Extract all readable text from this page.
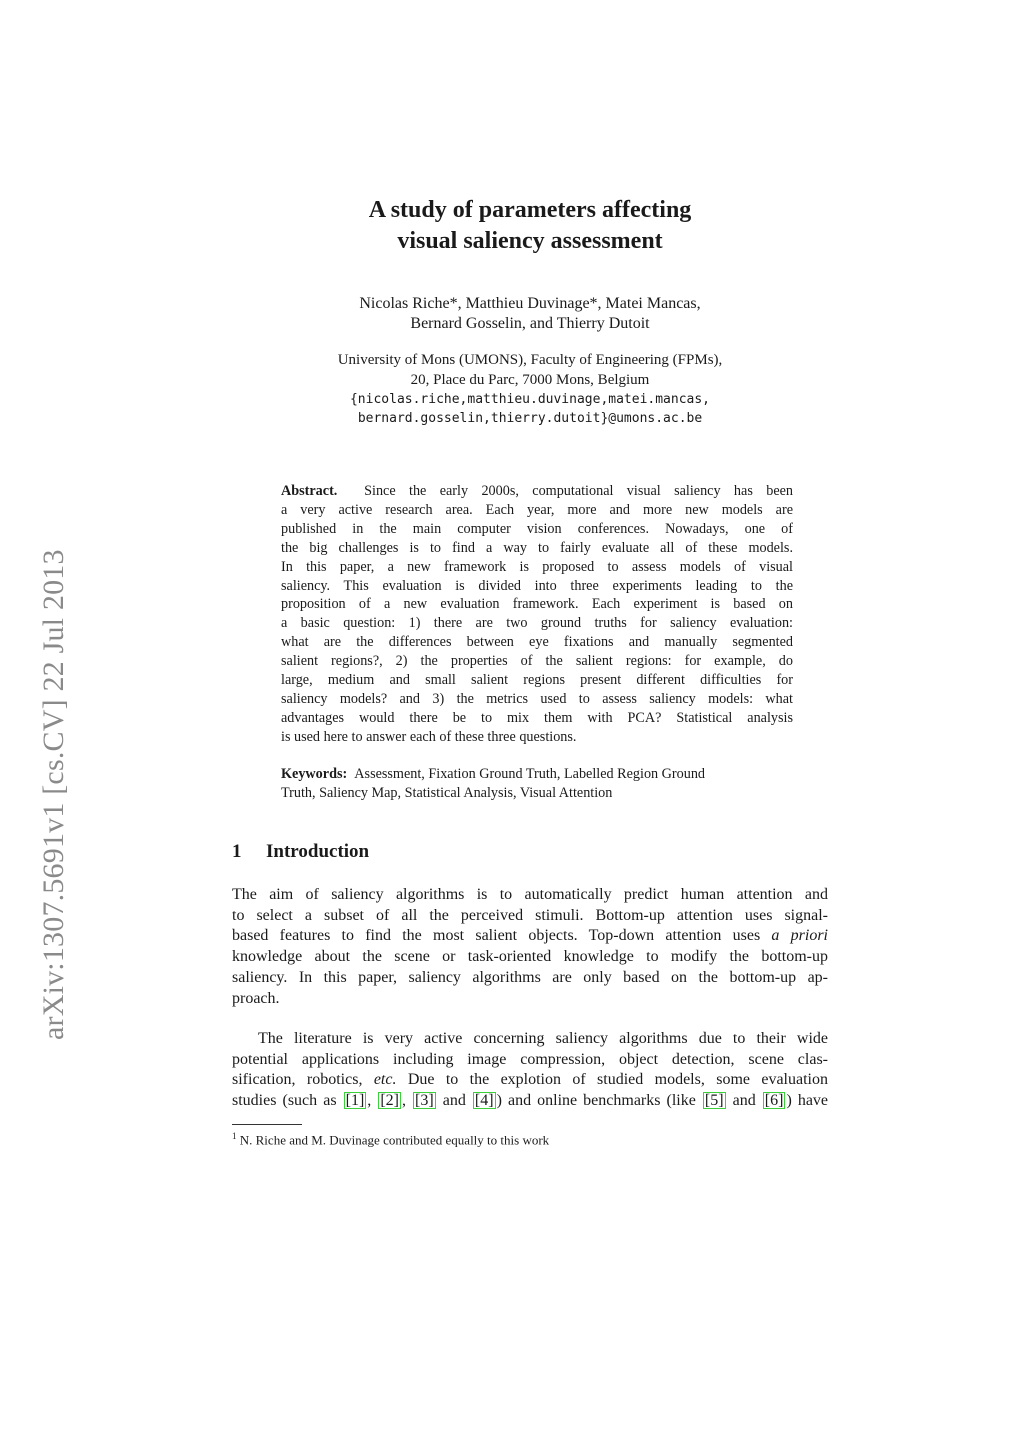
arXiv:1307.5691v1 [cs.CV] 22 Jul 2013
A study of parameters affecting
visual saliency assessment
Nicolas Riche*, Matthieu Duvinage*, Matei Mancas,
Bernard Gosselin, and Thierry Dutoit
University of Mons (UMONS), Faculty of Engineering (FPMs),
20, Place du Parc, 7000 Mons, Belgium
{nicolas.riche,matthieu.duvinage,matei.mancas,
bernard.gosselin,thierry.dutoit}@umons.ac.be
Abstract. Since the early 2000s, computational visual saliency has been
a very active research area. Each year, more and more new models are
published in the main computer vision conferences. Nowadays, one of
the big challenges is to find a way to fairly evaluate all of these models.
In this paper, a new framework is proposed to assess models of visual
saliency. This evaluation is divided into three experiments leading to the
proposition of a new evaluation framework. Each experiment is based on
a basic question: 1) there are two ground truths for saliency evaluation:
what are the differences between eye fixations and manually segmented
salient regions?, 2) the properties of the salient regions: for example, do
large, medium and small salient regions present different difficulties for
saliency models? and 3) the metrics used to assess saliency models: what
advantages would there be to mix them with PCA? Statistical analysis
is used here to answer each of these three questions.
Keywords: Assessment, Fixation Ground Truth, Labelled Region Ground
Truth, Saliency Map, Statistical Analysis, Visual Attention
1 Introduction
The aim of saliency algorithms is to automatically predict human attention and
to select a subset of all the perceived stimuli. Bottom-up attention uses signal-
based features to find the most salient objects. Top-down attention uses a priori
knowledge about the scene or task-oriented knowledge to modify the bottom-up
saliency. In this paper, saliency algorithms are only based on the bottom-up ap-
proach.
The literature is very active concerning saliency algorithms due to their wide
potential applications including image compression, object detection, scene clas-
sification, robotics, etc. Due to the explotion of studied models, some evaluation
studies (such as [1] , [2] , [3] and [4] ) and online benchmarks (like [5] and [6] ) have
$^1$ N. Riche and M. Duvinage contributed equally to this work
